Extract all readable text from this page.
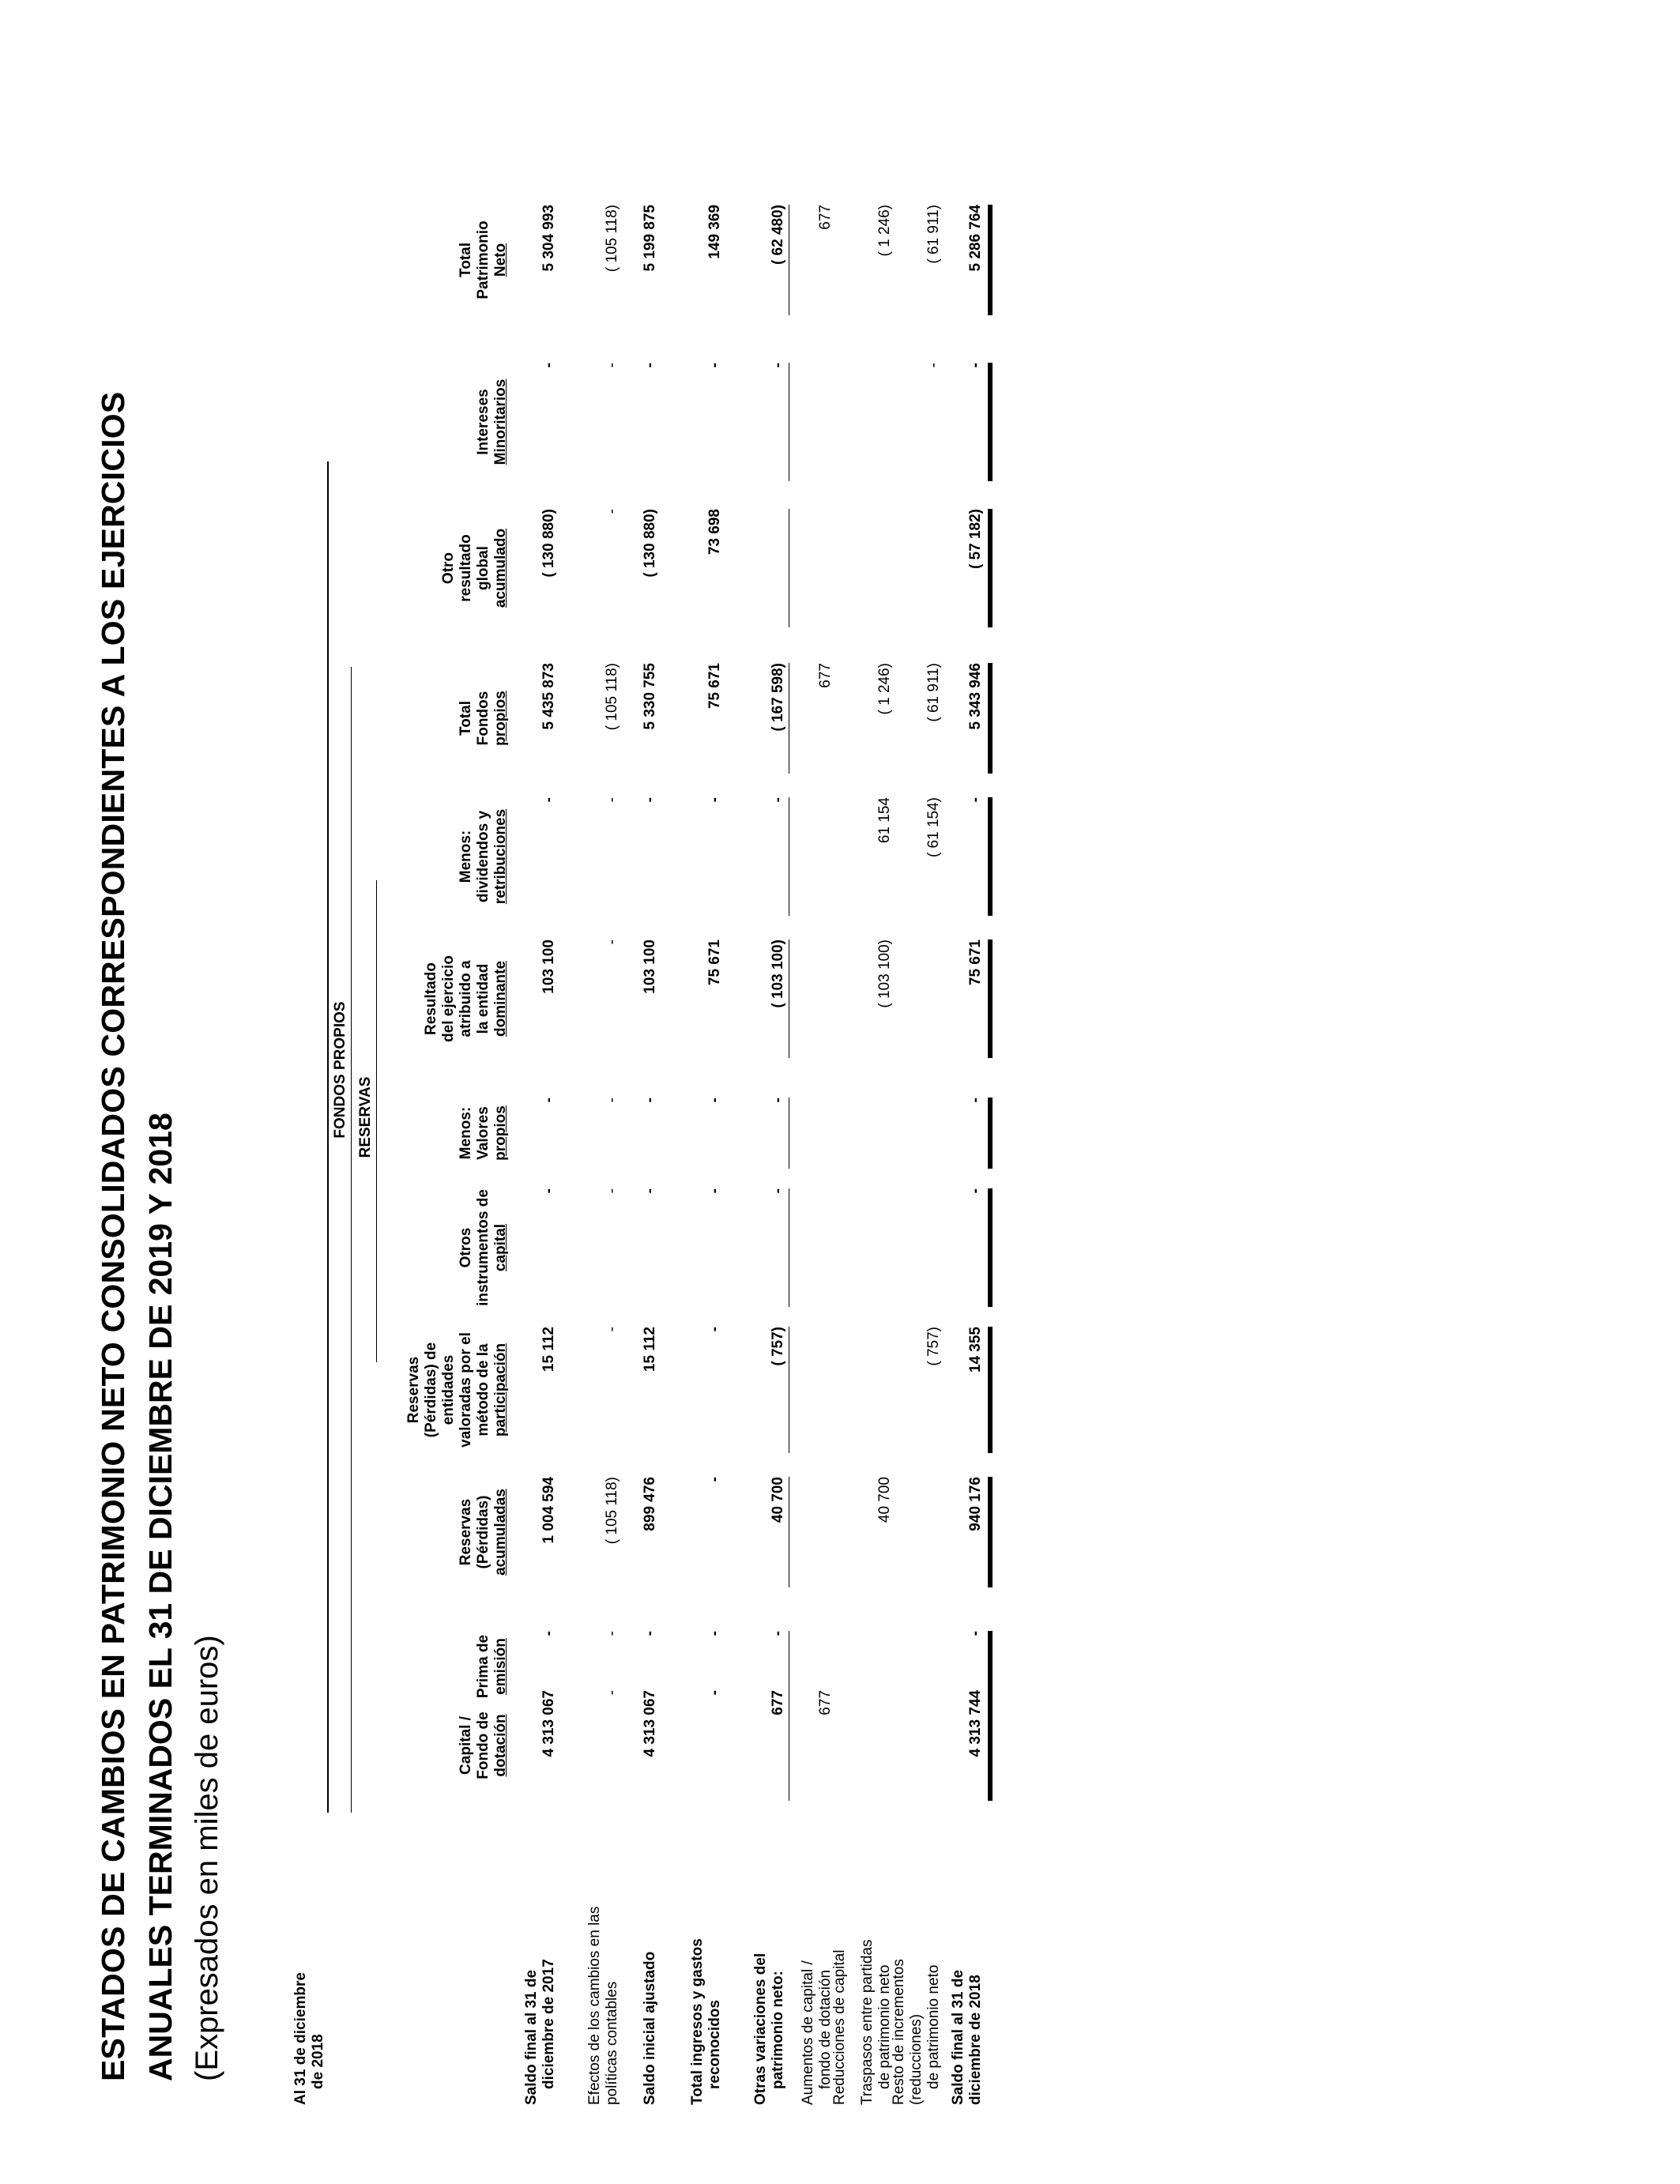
ESTADOS DE CAMBIOS EN PATRIMONIO NETO CONSOLIDADOS CORRESPONDIENTES A LOS EJERCICIOS ANUALES TERMINADOS EL 31 DE DICIEMBRE DE 2019 Y 2018 (Expresados en miles de euros)	Al 31 de diciembre de 2018
FONDOS PROPIOS RESERVAS
Capital / Fondo de dotación
Prima de emisión
Reservas (Pérdidas) acumuladas
Reservas (Pérdidas) de entidades valoradas por el método de la participación
Otros instrumentos de capital
Menos: Valores propios
Resultado del ejercicio atribuido a la entidad dominante
Menos: dividendos y retribuciones
Total Fondos propios
Otro resultado global acumulado
Intereses Minoritarios
Total Patrimonio Neto
Saldo final al 31 de diciembre de 2017 Efectos de los cambios en las políticas contables Saldo inicial ajustado Total ingresos y gastos reconocidos Otras variaciones del patrimonio neto: Aumentos de capital / fondo de dotación
Reducciones de capital Traspasos entre partidas de patrimonio neto
Resto de incrementos (reducciones) de patrimonio neto Saldo final al 31 de diciembre de 2018
4 313 067
-
1 004 594
15 112
-
-
103 100
-
5 435 873
( 130 880)
-
5 304 993
-
-
( 105 118)
-
-
-
-
-
( 105 118)
-
-
( 105 118)
4 313 067
-
899 476
15 112
-
-
103 100
-
5 330 755
( 130 880)
-
5 199 875
-
-
-
-
-
-
75 671
-
75 671
73 698
-
149 369
677
-
40 700
( 757)
-
-
( 103 100)
-
( 167 598)
-
( 62 480)
677
677
677
40 700
( 103 100)
61 154
( 1 246)
( 1 246)
( 757)
( 61 154)
( 61 911)
-
( 61 911)
4 313 744
-
940 176
14 355
-
-
75 671
-
5 343 946
( 57 182)
-
5 286 764
